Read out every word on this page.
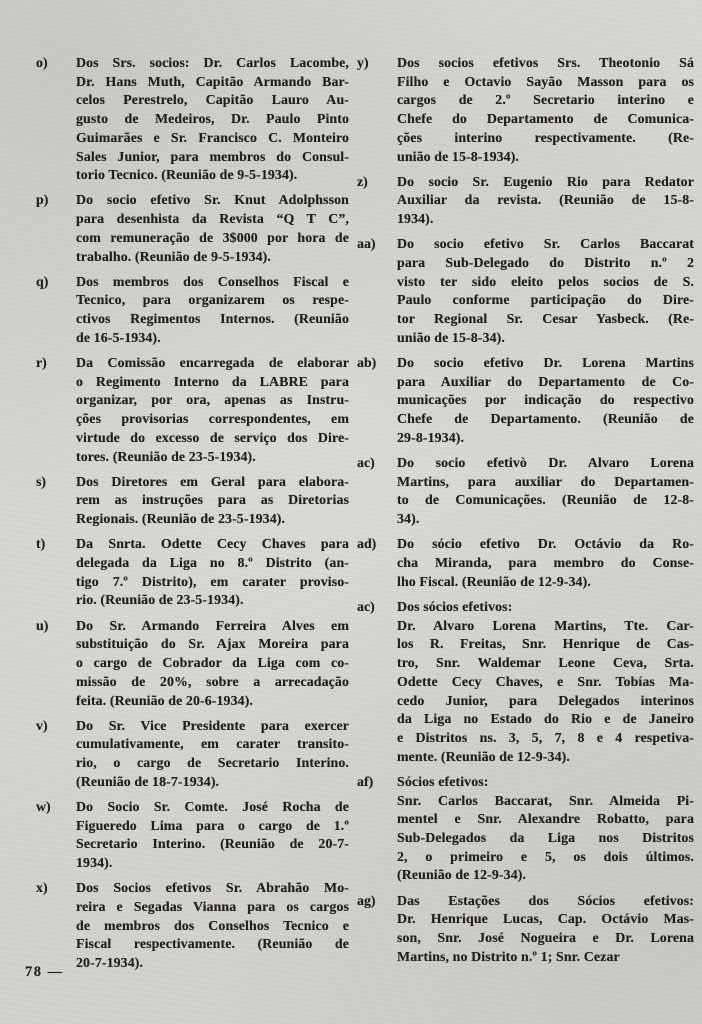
o) Dos Srs. socios: Dr. Carlos Lacombe,
Dr. Hans Muth, Capitão Armando Bar-
celos Perestrelo, Capitão Lauro Au-
gusto de Medeiros, Dr. Paulo Pinto
Guimarães e Sr. Francisco C. Monteiro
Sales Junior, para membros do Consul-
torio Tecnico. (Reunião de 9-5-1934).
p) Do socio efetivo Sr. Knut Adolphsson
para desenhista da Revista “Q T C”,
com remuneração de 3$000 por hora de
trabalho. (Reunião de 9-5-1934).
q) Dos membros dos Conselhos Fiscal e
Tecnico, para organizarem os respe-
ctivos Regimentos Internos. (Reunião
de 16-5-1934).
r) Da Comissão encarregada de elaborar
o Regimento Interno da LABRE para
organizar, por ora, apenas as Instru-
ções provisorias correspondentes, em
virtude do excesso de serviço dos Dire-
tores. (Reunião de 23-5-1934).
s) Dos Diretores em Geral para elabora-
rem as instruções para as Diretorias
Regionais. (Reunião de 23-5-1934).
t) Da Snrta. Odette Cecy Chaves para
delegada da Liga no 8.º Distrito (an-
tigo 7.º Distrito), em carater proviso-
rio. (Reunião de 23-5-1934).
u) Do Sr. Armando Ferreira Alves em
substituição do Sr. Ajax Moreira para
o cargo de Cobrador da Liga com co-
missão de 20%, sobre a arrecadação
feita. (Reunião de 20-6-1934).
v) Do Sr. Vice Presidente para exercer
cumulativamente, em carater transito-
rio, o cargo de Secretario Interino.
(Reunião de 18-7-1934).
w) Do Socio Sr. Comte. José Rocha de
Figueredo Lima para o cargo de 1.º
Secretario Interino. (Reunião de 20-7-
1934).
x) Dos Socios efetivos Sr. Abrahão Mo-
reira e Segadas Vianna para os cargos
de membros dos Conselhos Tecnico e
Fiscal respectivamente. (Reunião de
20-7-1934).
y) Dos socios efetivos Srs. Theotonio Sá
Filho e Octavio Sayão Masson para os
cargos de 2.º Secretario interino e
Chefe do Departamento de Comunica-
ções interino respectivamente. (Re-
união de 15-8-1934).
z) Do socio Sr. Eugenio Rio para Redator
Auxiliar da revista. (Reunião de 15-8-
1934).
aa) Do socio efetivo Sr. Carlos Baccarat
para Sub-Delegado do Distrito n.º 2
visto ter sido eleito pelos socios de S.
Paulo conforme participação do Dire-
tor Regional Sr. Cesar Yasbeck. (Re-
união de 15-8-34).
ab) Do socio efetivo Dr. Lorena Martins
para Auxiliar do Departamento de Co-
municações por indicação do respectivo
Chefe de Departamento. (Reunião de
29-8-1934).
ac) Do socio efetivò Dr. Alvaro Lorena
Martins, para auxiliar do Departamen-
to de Comunicações. (Reunião de 12-8-
34).
ad) Do sócio efetivo Dr. Octávio da Ro-
cha Miranda, para membro do Conse-
lho Fiscal. (Reunião de 12-9-34).
ac) Dos sócios efetivos:
Dr. Alvaro Lorena Martins, Tte. Car-
los R. Freitas, Snr. Henrique de Cas-
tro, Snr. Waldemar Leone Ceva, Srta.
Odette Cecy Chaves, e Snr. Tobías Ma-
cedo Junior, para Delegados interinos
da Liga no Estado do Rio e de Janeiro
e Distritos ns. 3, 5, 7, 8 e 4 respetiva-
mente. (Reunião de 12-9-34).
af) Sócios efetivos:
Snr. Carlos Baccarat, Snr. Almeida Pi-
mentel e Snr. Alexandre Robatto, para
Sub-Delegados da Liga nos Distritos
2, o primeiro e 5, os dois últimos.
(Reunião de 12-9-34).
ag) Das Estações dos Sócios efetivos:
Dr. Henrique Lucas, Cap. Octávio Mas-
son, Snr. José Nogueira e Dr. Lorena
Martins, no Distrito n.º 1; Snr. Cezar
78 —
